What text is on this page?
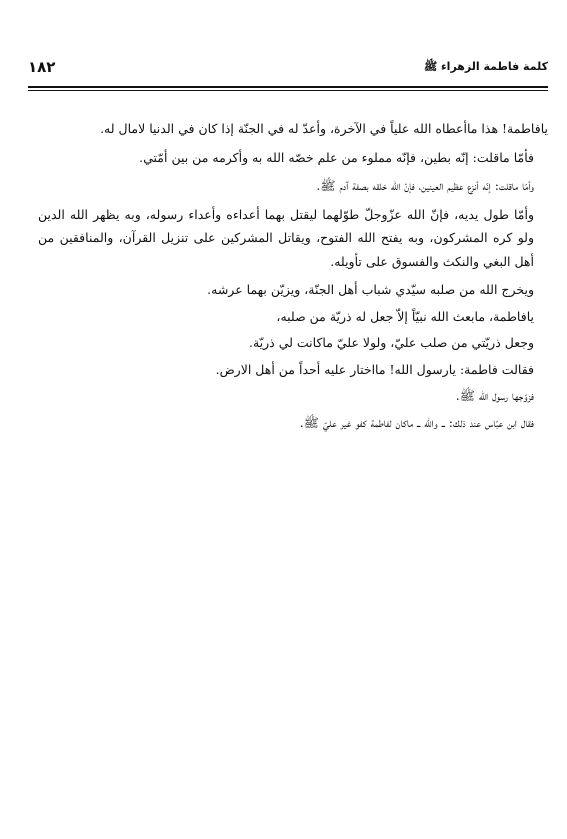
١٨٢	كلمة فاطمة الزهراء ﷺ

يافاطمة! هذا ماأعطاه الله علياً في الآخرة، وأعدّ له في الجنّة إذا كان في الدنيا لامال له.

فأمّا ماقلت: إنّه بطين، فإنّه مملوء من علم خصّه الله به وأكرمه من بين أمّتي.

وأمّا ماقلت: إنّه أنزع عظيم العينين، فإنّ الله خلقه بصفة آدم ﷺ.

وأمّا طول يديه، فإنّ الله عزّوجلّ طوّلهما ليقتل بهما أعداءه وأعداء رسوله، وبه يظهر الله الدين ولو كره المشركون، وبه يفتح الله الفتوح، ويقاتل المشركين على تنزيل القرآن، والمنافقين من أهل البغي والنكث والفسوق على تأويله.

ويخرج الله من صلبه سيّدي شباب أهل الجنّة، ويزيّن بهما عرشه.

يافاطمة، مابعث الله نبيّاً إلاّ جعل له ذريّة من صلبه،

وجعل ذريّتي من صلب عليّ، ولولا عليّ ماكانت لي ذريّة.

فقالت فاطمة: يارسول الله! مااختار عليه أحداً من أهل الارض.

فزوّجها رسول الله ﷺ.

فقال ابن عبّاس عند ذلك: ــ والله ــ ماكان لفاطمة كفو غير عليّ ﷺ.
